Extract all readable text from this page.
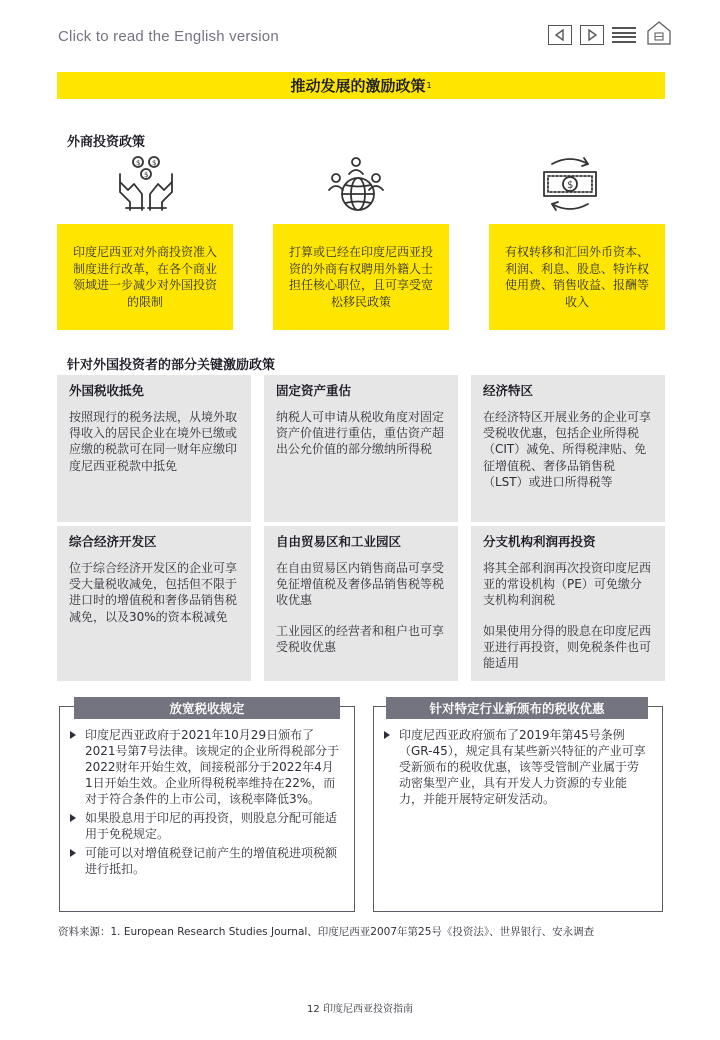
Click to read the English version
推动发展的激励政策 1
外商投资政策
$ $
$
$
印度尼西亚对外商投资准入制度进行改革，在各个商业领域进一步减少对外国投资的限制
打算或已经在印度尼西亚投资的外商有权聘用外籍人士担任核心职位，且可享受宽松移民政策
有权转移和汇回外币资本、利润、利息、股息、特许权使用费、销售收益、报酬等收入
针对外国投资者的部分关键激励政策
外国税收抵免

按照现行的税务法规，从境外取得收入的居民企业在境外已缴或应缴的税款可在同一财年应缴印度尼西亚税款中抵免

固定资产重估

纳税人可申请从税收角度对固定资产价值进行重估，重估资产超出公允价值的部分缴纳所得税

经济特区

在经济特区开展业务的企业可享受税收优惠，包括企业所得税（CIT）减免、所得税津贴、免征增值税、奢侈品销售税（LST）或进口所得税等

综合经济开发区

位于综合经济开发区的企业可享受大量税收减免，包括但不限于进口时的增值税和奢侈品销售税减免，以及30%的资本税减免

自由贸易区和工业园区

在自由贸易区内销售商品可享受免征增值税及奢侈品销售税等税收优惠

工业园区的经营者和租户也可享受税收优惠

分支机构利润再投资

将其全部利润再次投资印度尼西亚的常设机构（PE）可免缴分支机构利润税

如果使用分得的股息在印度尼西亚进行再投资，则免税条件也可能适用

放宽税收规定
印度尼西亚政府于2021年10月29日颁布了 2021号第7号法律。该规定的企业所得税部分于2022财年开始生效，间接税部分于2022年4月1日开始生效。企业所得税税率维持在22%，而对于符合条件的上市公司，该税率降低3%。
如果股息用于印尼的再投资，则股息分配可能适用于免税规定。
可能可以对增值税登记前产生的增值税进项税额进行抵扣。
针对特定行业新颁布的税收优惠
印度尼西亚政府颁布了2019年第45号条例（GR-45），规定具有某些新兴特征的产业可享受新颁布的税收优惠，该等受管制产业属于劳动密集型产业，具有开发人力资源的专业能力，并能开展特定研发活动。
资料来源：1. European Research Studies Journal、印度尼西亚2007年第25号《投资法》、世界银行、安永调查
12 印度尼西亚投资指南
